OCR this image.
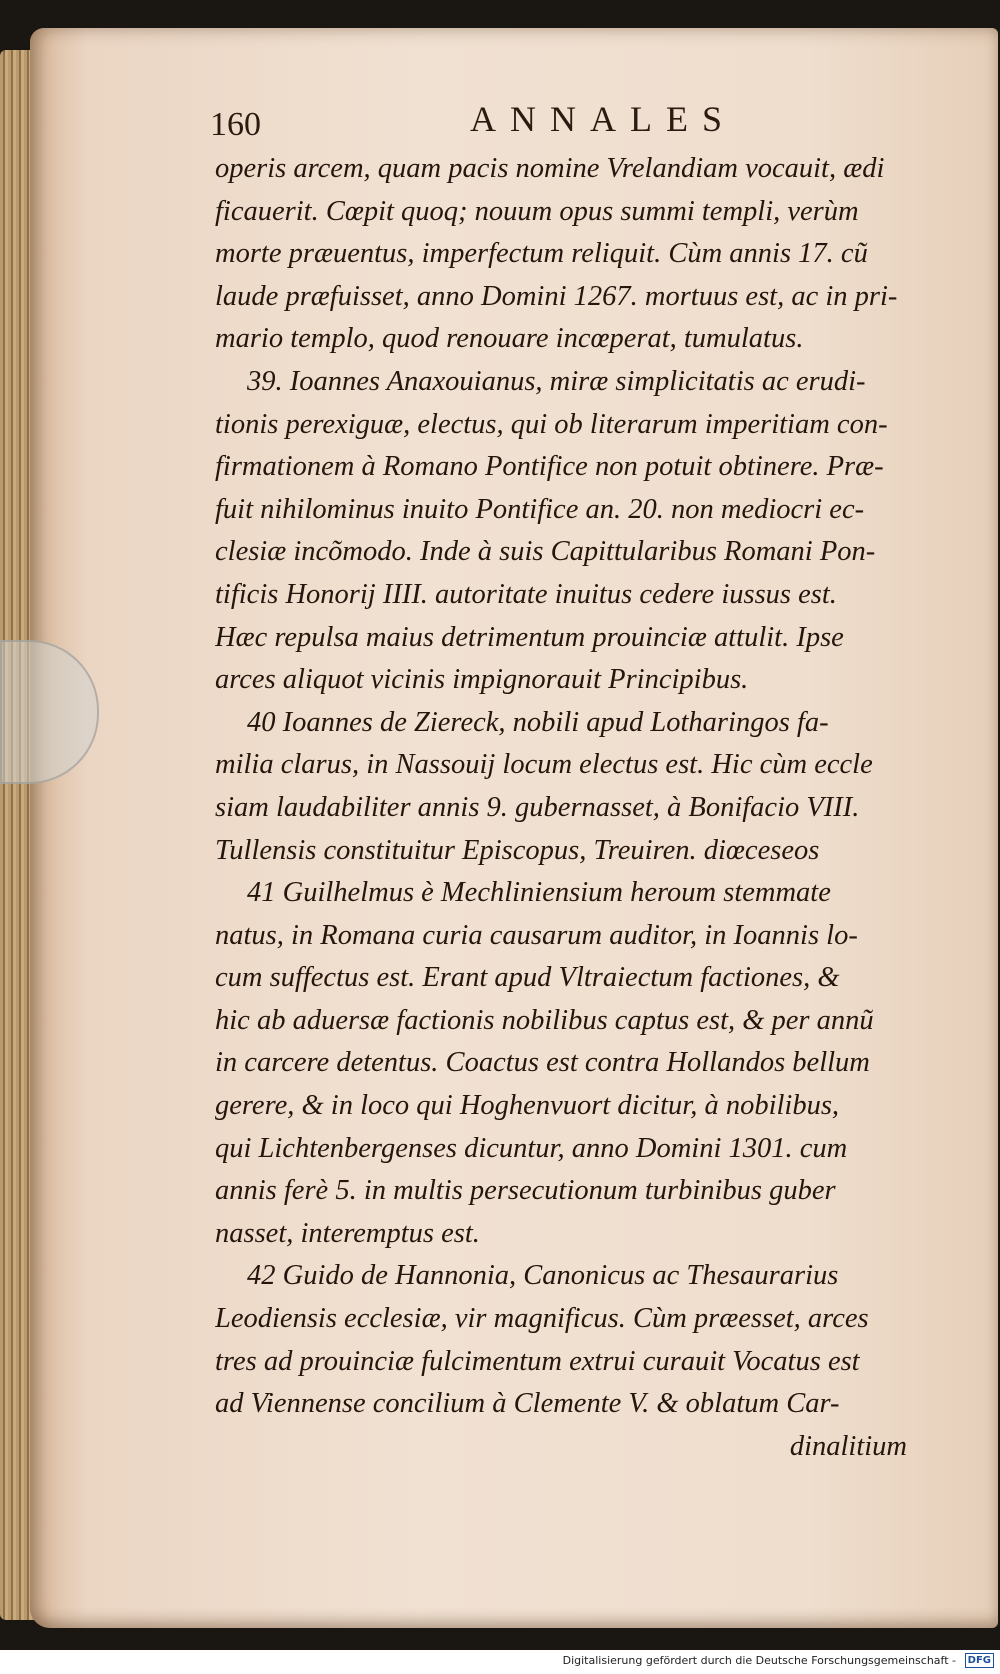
160	ANNALES
operis arcem, quam pacis nomine Vrelandiam vocauit, ædi
ficauerit. Cœpit quoq; nouum opus summi templi, verùm
morte præuentus, imperfectum reliquit. Cùm annis 17. cũ
laude præfuisset, anno Domini 1267. mortuus est, ac in pri-
mario templo, quod renouare incœperat, tumulatus.
39. Ioannes Anaxouianus, miræ simplicitatis ac erudi-
tionis perexiguæ, electus, qui ob literarum imperitiam con-
firmationem à Romano Pontifice non potuit obtinere. Præ-
fuit nihilominus inuito Pontifice an. 20. non mediocri ec-
clesiæ incõmodo. Inde à suis Capittularibus Romani Pon-
tificis Honorij IIII. autoritate inuitus cedere iussus est.
Hæc repulsa maius detrimentum prouinciæ attulit. Ipse
arces aliquot vicinis impignorauit Principibus.
40 Ioannes de Ziereck, nobili apud Lotharingos fa-
milia clarus, in Nassouij locum electus est. Hic cùm eccle
siam laudabiliter annis 9. gubernasset, à Bonifacio VIII.
Tullensis constituitur Episcopus, Treuiren. diœceseos
41 Guilhelmus è Mechliniensium heroum stemmate
natus, in Romana curia causarum auditor, in Ioannis lo-
cum suffectus est. Erant apud Vltraiectum factiones, &
hic ab aduersæ factionis nobilibus captus est, & per annũ
in carcere detentus. Coactus est contra Hollandos bellum
gerere, & in loco qui Hoghenvuort dicitur, à nobilibus,
qui Lichtenbergenses dicuntur, anno Domini 1301. cum
annis ferè 5. in multis persecutionum turbinibus guber
nasset, interemptus est.
42 Guido de Hannonia, Canonicus ac Thesaurarius
Leodiensis ecclesiæ, vir magnificus. Cùm præesset, arces
tres ad prouinciæ fulcimentum extrui curauit Vocatus est
ad Viennense concilium à Clemente V. & oblatum Car-
dinalitium
Digitalisierung gefördert durch die Deutsche Forschungsgemeinschaft -	DFG
